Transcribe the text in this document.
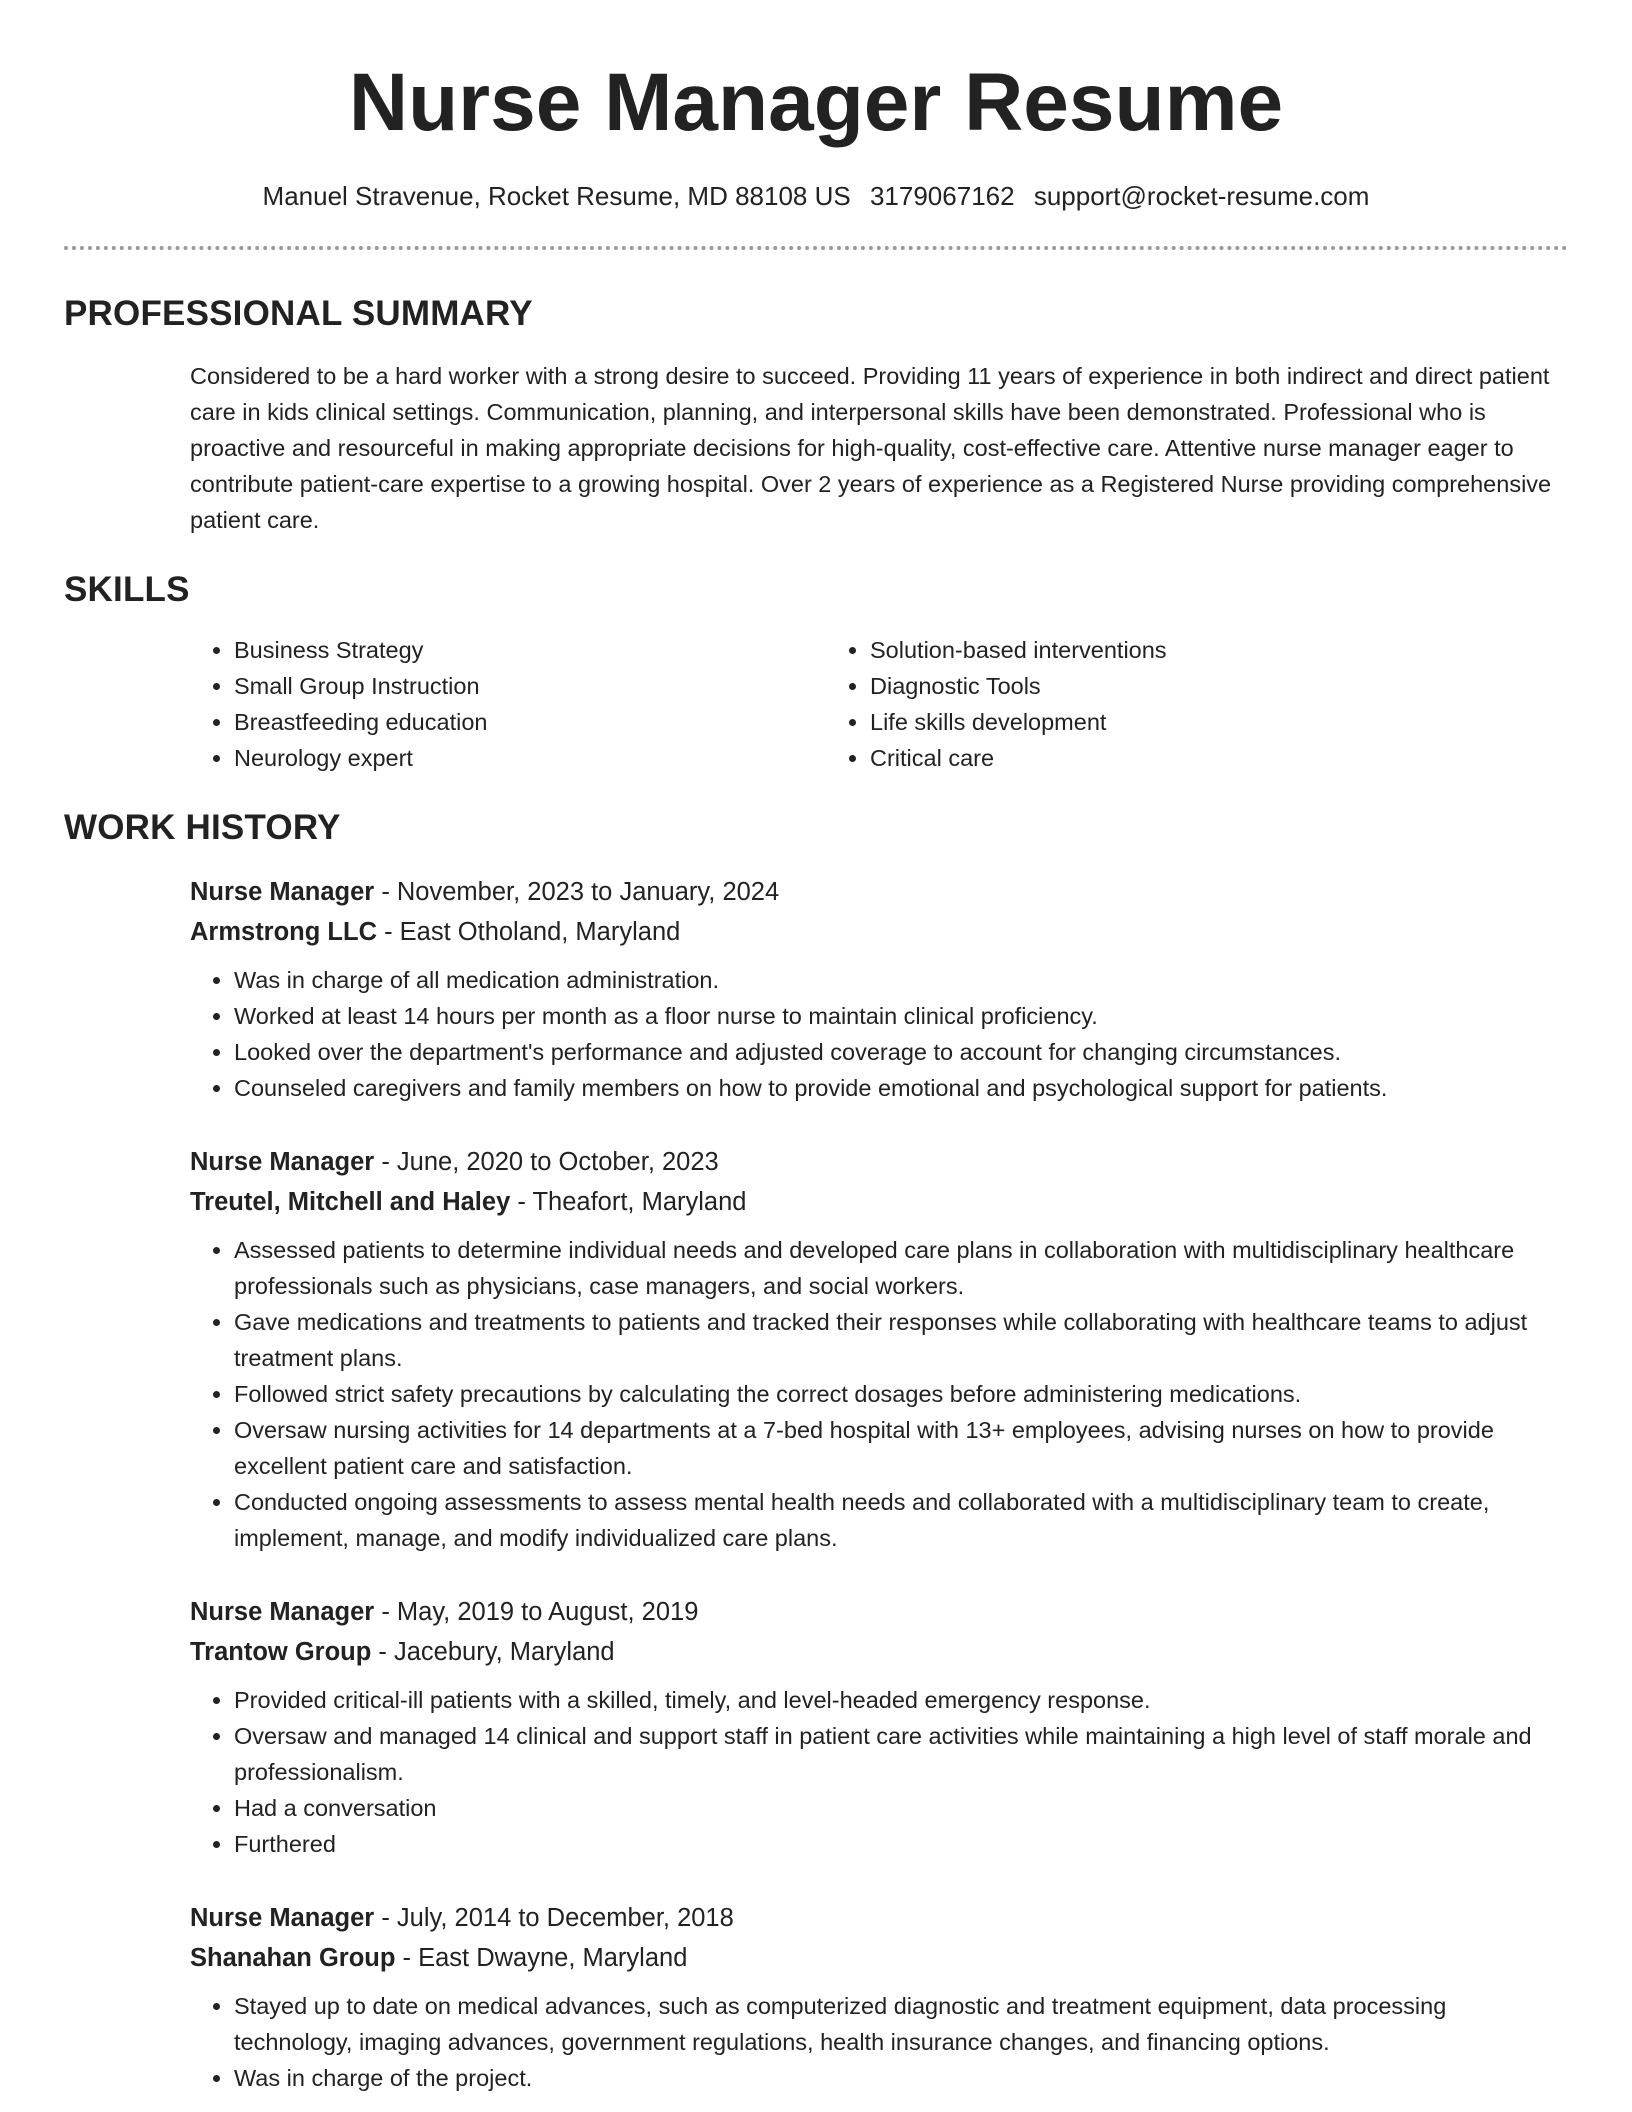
Nurse Manager Resume
Manuel Stravenue, Rocket Resume, MD 88108 US 3179067162 support@rocket-resume.com
PROFESSIONAL SUMMARY

Considered to be a hard worker with a strong desire to succeed. Providing 11 years of experience in both indirect and direct patient care in kids clinical settings. Communication, planning, and interpersonal skills have been demonstrated. Professional who is proactive and resourceful in making appropriate decisions for high-quality, cost-effective care. Attentive nurse manager eager to contribute patient-care expertise to a growing hospital. Over 2 years of experience as a Registered Nurse providing comprehensive patient care.

SKILLS
• Business Strategy
• Small Group Instruction
• Breastfeeding education
• Neurology expert
• Solution-based interventions
• Diagnostic Tools
• Life skills development
• Critical care
WORK HISTORY
Nurse Manager - November, 2023 to January, 2024
Armstrong LLC - East Otholand, Maryland
• Was in charge of all medication administration.
• Worked at least 14 hours per month as a floor nurse to maintain clinical proficiency.
• Looked over the department's performance and adjusted coverage to account for changing circumstances.
• Counseled caregivers and family members on how to provide emotional and psychological support for patients.
Nurse Manager - June, 2020 to October, 2023
Treutel, Mitchell and Haley - Theafort, Maryland
• Assessed patients to determine individual needs and developed care plans in collaboration with multidisciplinary healthcare professionals such as physicians, case managers, and social workers.
• Gave medications and treatments to patients and tracked their responses while collaborating with healthcare teams to adjust treatment plans.
• Followed strict safety precautions by calculating the correct dosages before administering medications.
• Oversaw nursing activities for 14 departments at a 7-bed hospital with 13+ employees, advising nurses on how to provide excellent patient care and satisfaction.
• Conducted ongoing assessments to assess mental health needs and collaborated with a multidisciplinary team to create, implement, manage, and modify individualized care plans.
Nurse Manager - May, 2019 to August, 2019
Trantow Group - Jacebury, Maryland
• Provided critical-ill patients with a skilled, timely, and level-headed emergency response.
• Oversaw and managed 14 clinical and support staff in patient care activities while maintaining a high level of staff morale and professionalism.
• Had a conversation
• Furthered
Nurse Manager - July, 2014 to December, 2018
Shanahan Group - East Dwayne, Maryland
• Stayed up to date on medical advances, such as computerized diagnostic and treatment equipment, data processing technology, imaging advances, government regulations, health insurance changes, and financing options.
• Was in charge of the project.
